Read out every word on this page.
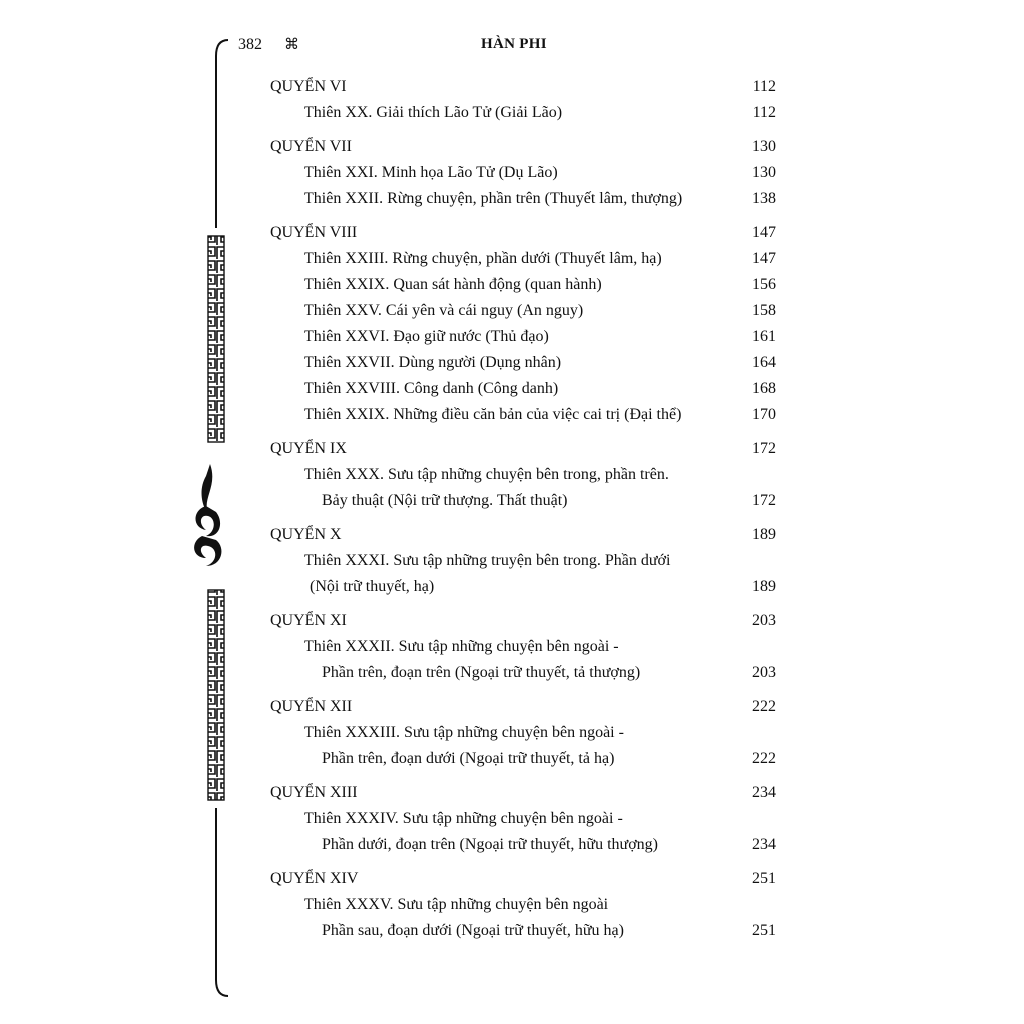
382 ⌘	HÀN PHI
QUYỂN VI	112
Thiên XX. Giải thích Lão Tử (Giải Lão)	112
QUYỂN VII	130
Thiên XXI. Minh họa Lão Tử (Dụ Lão)	130
Thiên XXII. Rừng chuyện, phần trên (Thuyết lâm, thượng)	138
QUYỂN VIII	147
Thiên XXIII. Rừng chuyện, phần dưới (Thuyết lâm, hạ)	147
Thiên XXIX. Quan sát hành động (quan hành)	156
Thiên XXV. Cái yên và cái nguy (An nguy)	158
Thiên XXVI. Đạo giữ nước (Thủ đạo)	161
Thiên XXVII. Dùng người (Dụng nhân)	164
Thiên XXVIII. Công danh (Công danh)	168
Thiên XXIX. Những điều căn bản của việc cai trị (Đại thể)	170
QUYỂN IX	172
Thiên XXX. Sưu tập những chuyện bên trong, phần trên.
Bảy thuật (Nội trữ thượng. Thất thuật)	172
QUYỂN X	189
Thiên XXXI. Sưu tập những truyện bên trong. Phần dưới
(Nội trữ thuyết, hạ)	189
QUYỂN XI	203
Thiên XXXII. Sưu tập những chuyện bên ngoài -
Phần trên, đoạn trên (Ngoại trữ thuyết, tả thượng)	203
QUYỂN XII	222
Thiên XXXIII. Sưu tập những chuyện bên ngoài -
Phần trên, đoạn dưới (Ngoại trữ thuyết, tả hạ)	222
QUYỂN XIII	234
Thiên XXXIV. Sưu tập những chuyện bên ngoài -
Phần dưới, đoạn trên (Ngoại trữ thuyết, hữu thượng)	234
QUYỂN XIV	251
Thiên XXXV. Sưu tập những chuyện bên ngoài
Phần sau, đoạn dưới (Ngoại trữ thuyết, hữu hạ)	251
